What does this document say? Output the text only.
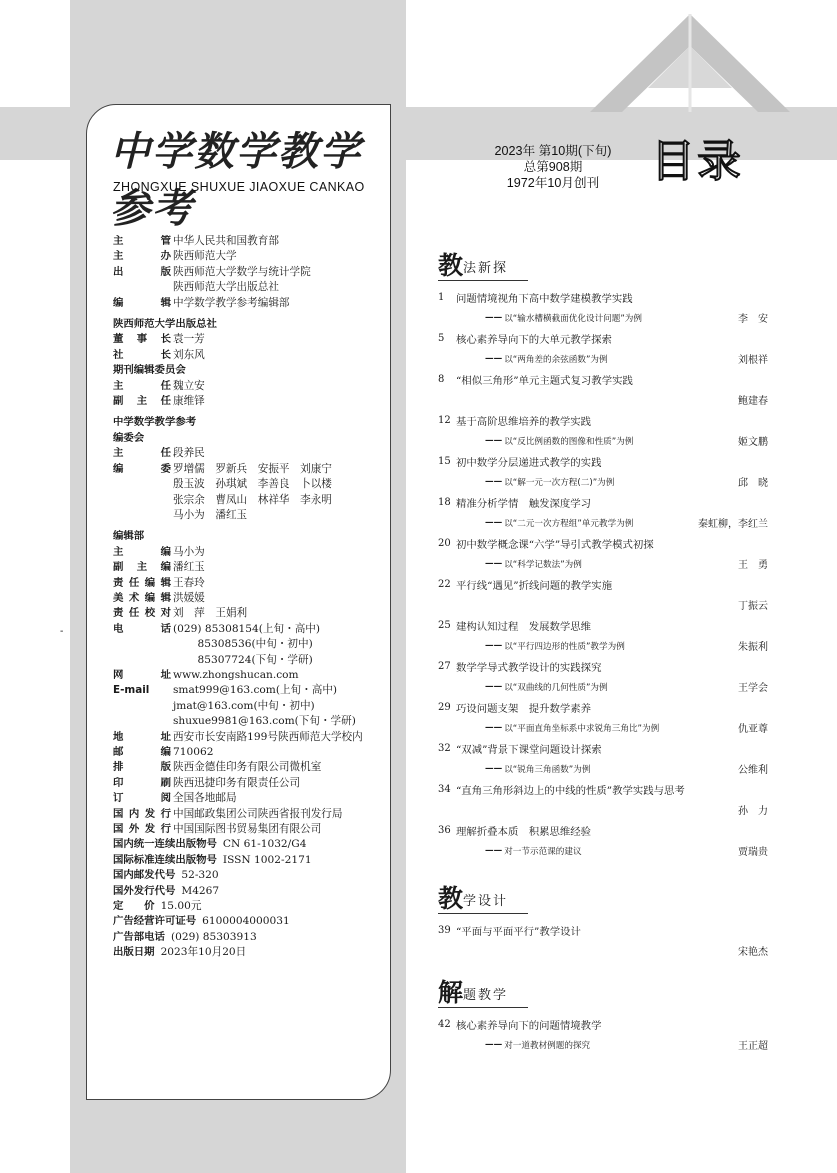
中学数学教学参考
ZHONGXUE SHUXUE JIAOXUE CANKAO
主 管 中华人民共和国教育部
主 办 陕西师范大学
出 版 陕西师范大学数学与统计学院
陕西师范大学出版总社
编 辑 中学数学教学参考编辑部
陕西师范大学出版总社
董事长 袁一芳
社 长 刘东风
期刊编辑委员会
主 任 魏立安
副主任 康维铎
中学数学教学参考
编委会
主 任 段养民
编 委 罗增儒　罗新兵　安振平　刘康宁
殷玉波　孙琪斌　李善良　卜以楼
张宗余　曹凤山　林祥华　李永明
马小为　潘红玉
编辑部
主 编 马小为
副主编 潘红玉
责任编辑 王春玲
美术编辑 洪媛媛
责任校对 刘　萍　王娟利
电 话 (029) 85308154(上旬・高中)
　　 85308536(中旬・初中)
　　 85307724(下旬・学研)
网 址 www.zhongshucan.com
E-mail	smat999@163.com(上旬・高中)
jmat@163.com(中旬・初中)
shuxue9981@163.com(下旬・学研)
地 址 西安市长安南路199号陕西师范大学校内
邮 编 710062
排 版 陕西金德佳印务有限公司微机室
印 刷 陕西迅捷印务有限责任公司
订 阅 全国各地邮局
国内发行 中国邮政集团公司陕西省报刊发行局
国外发行 中国国际图书贸易集团有限公司
国内统一连续出版物号 CN 61-1032/G4
国际标准连续出版物号 ISSN 1002-2171
国内邮发代号 52-320
国外发行代号 M4267
定　　价 15.00元
广告经营许可证号 6100004000031
广告部电话 (029) 85303913
出版日期 2023年10月20日
-
2023年 第10期(下旬)
总第908期
1972年10月创刊	目录
教 法新探
1	问题情境视角下高中数学建模教学实践
—— 以“输水槽横截面优化设计问题”为例	李　安
5	核心素养导向下的大单元教学探索
—— 以“两角差的余弦函数”为例	刘根祥
8	“相似三角形”单元主题式复习教学实践
鲍建春
12 基于高阶思维培养的教学实践
—— 以“反比例函数的图像和性质”为例	姬文鹏
15 初中数学分层递进式教学的实践
—— 以“解一元一次方程(二)”为例	邱　晓
18 精准分析学情　触发深度学习
—— 以“二元一次方程组”单元教学为例	秦虹柳，李红兰
20 初中数学概念课“六学”导引式教学模式初探
—— 以“科学记数法”为例	王　勇
22 平行线“遇见”折线问题的教学实施
丁振云
25 建构认知过程　发展数学思维
—— 以“平行四边形的性质”教学为例	朱振利
27 数学学导式教学设计的实践探究
—— 以“双曲线的几何性质”为例	王学会
29 巧设问题支架　提升数学素养
—— 以“平面直角坐标系中求锐角三角比”为例	仇亚尊
32 “双减”背景下课堂问题设计探索
—— 以“锐角三角函数”为例	公维利
34 “直角三角形斜边上的中线的性质”教学实践与思考
孙　力
36 理解折叠本质　积累思维经验
—— 对一节示范课的建议	贾瑞贵
教 学设计
39 “平面与平面平行”教学设计
宋艳杰
解 题教学
42 核心素养导向下的问题情境教学
—— 对一道教材例题的探究	王正超
